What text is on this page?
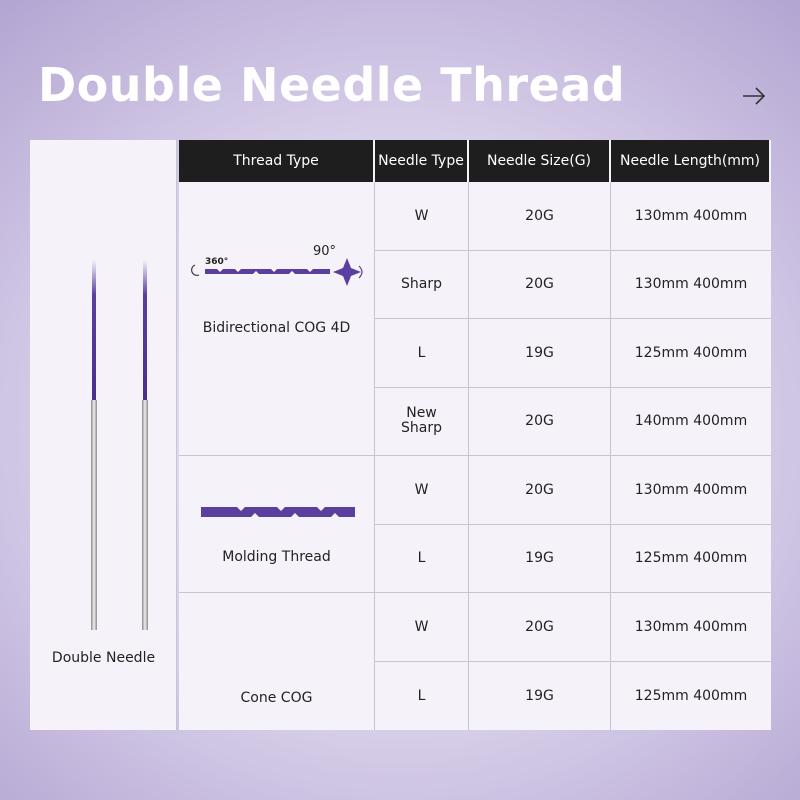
Double Needle Thread
Double Needle
Thread Type	Needle Type	Needle Size(G)	Needle Length(mm)
360°
90°
Bidirectional COG 4D
W	20G	130mm 400mm
Sharp	20G	130mm 400mm
L	19G	125mm 400mm
New
Sharp	20G	140mm 400mm
Molding Thread
W	20G	130mm 400mm
L	19G	125mm 400mm
Cone COG
W	20G	130mm 400mm
L	19G	125mm 400mm
